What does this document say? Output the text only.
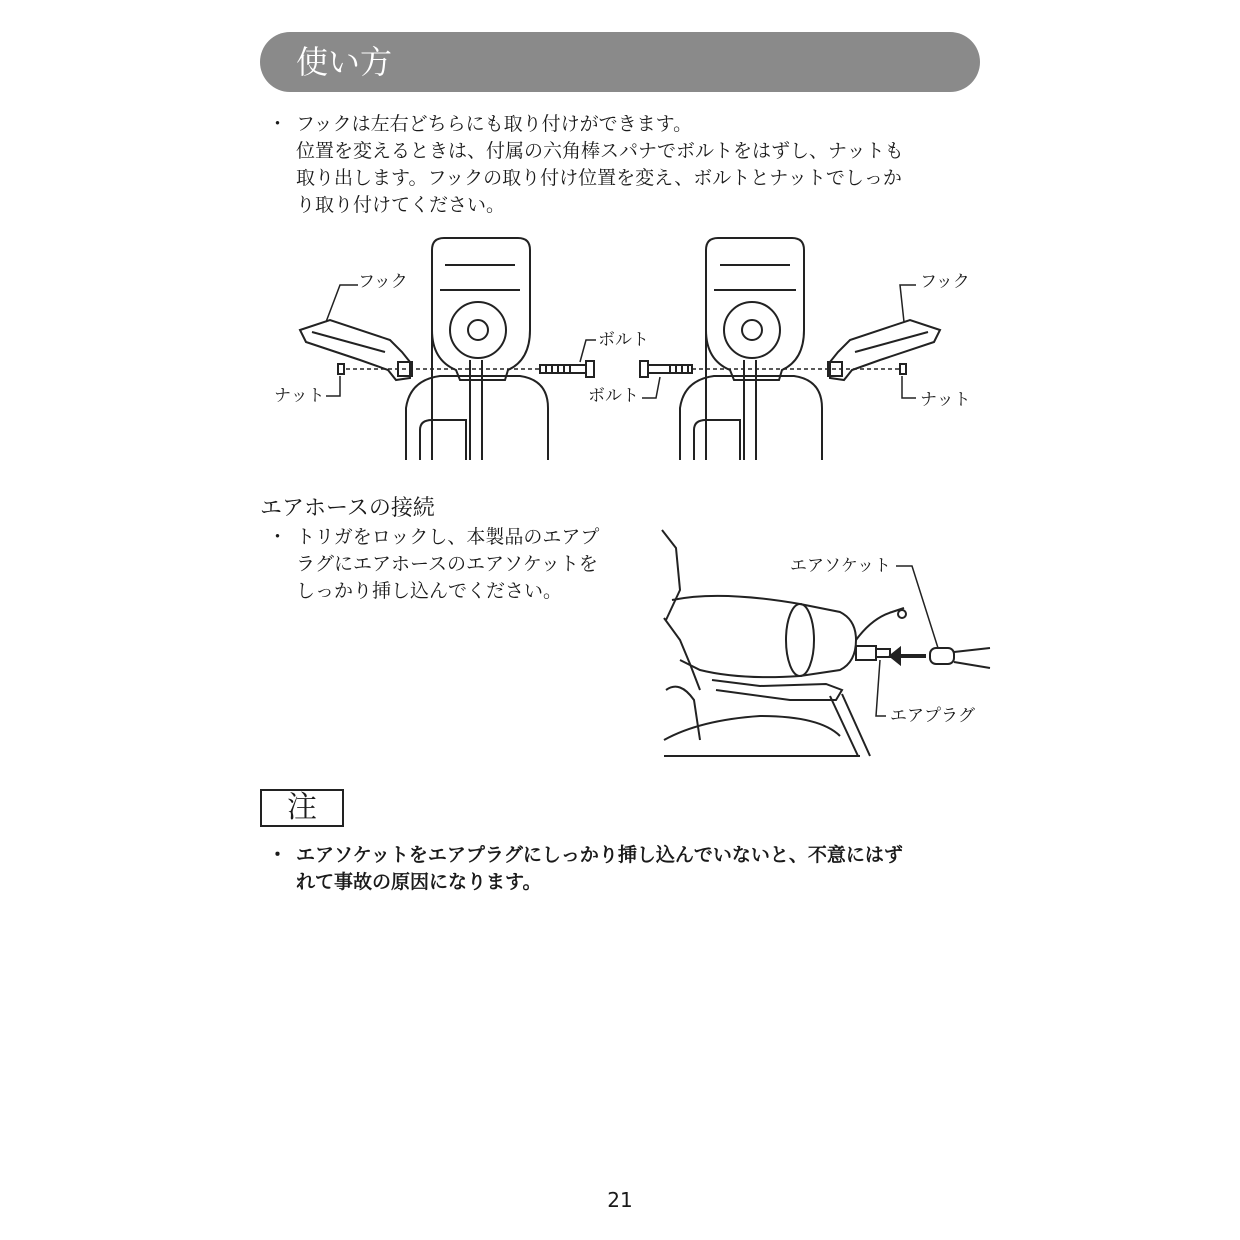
使い方
・ フックは左右どちらにも取り付けができます。

位置を変えるときは、付属の六角棒スパナでボルトをはずし、ナットも

取り出します。フックの取り付け位置を変え、ボルトとナットでしっか

り取り付けてください。

フック
ボルト
ナット	ボルト
フック
ナット
エアホースの接続
・ トリガをロックし、本製品のエアプ

ラグにエアホースのエアソケットを

しっかり挿し込んでください。

エアソケット
エアプラグ
注
・ エアソケットをエアプラグにしっかり挿し込んでいないと、不意にはず

れて事故の原因になります。

21
